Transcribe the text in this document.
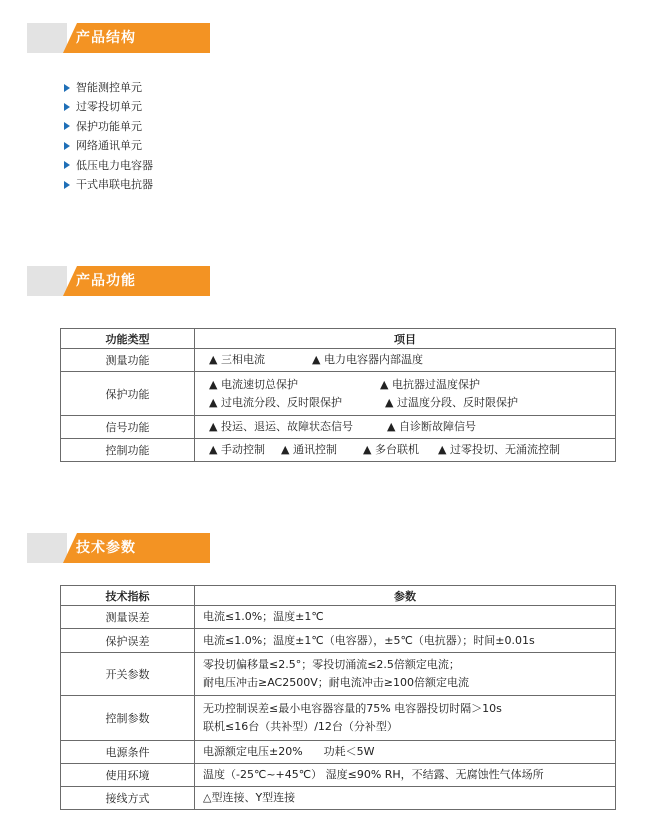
产品结构
智能测控单元
过零投切单元
保护功能单元
网络通讯单元
低压电力电容器
干式串联电抗器
产品功能
功能类型	项目
测量功能	▲ 三相电流 ▲ 电力电容器内部温度
保护功能	▲ 电流速切总保护 ▲ 电抗器过温度保护
▲ 过电流分段、反时限保护 ▲ 过温度分段、反时限保护

信号功能	▲ 投运、退运、故障状态信号 ▲ 自诊断故障信号
控制功能	▲ 手动控制 ▲ 通讯控制 ▲ 多台联机 ▲ 过零投切、无涌流控制
技术参数
技术指标	参数
测量误差	电流≤1.0%；温度±1℃
保护误差	电流≤1.0%；温度±1℃（电容器），±5℃（电抗器）；时间±0.01s
开关参数	零投切偏移量≤2.5°；零投切涌流≤2.5倍额定电流；
耐电压冲击≥AC2500V；耐电流冲击≥100倍额定电流

控制参数	无功控制误差≤最小电容器容量的75% 电容器投切时隔＞10s
联机≤16台（共补型）/12台（分补型）

电源条件	电源额定电压±20%      功耗＜5W
使用环境	温度（-25℃~+45℃） 湿度≤90% RH，不结露、无腐蚀性气体场所
接线方式	△型连接、Y型连接
